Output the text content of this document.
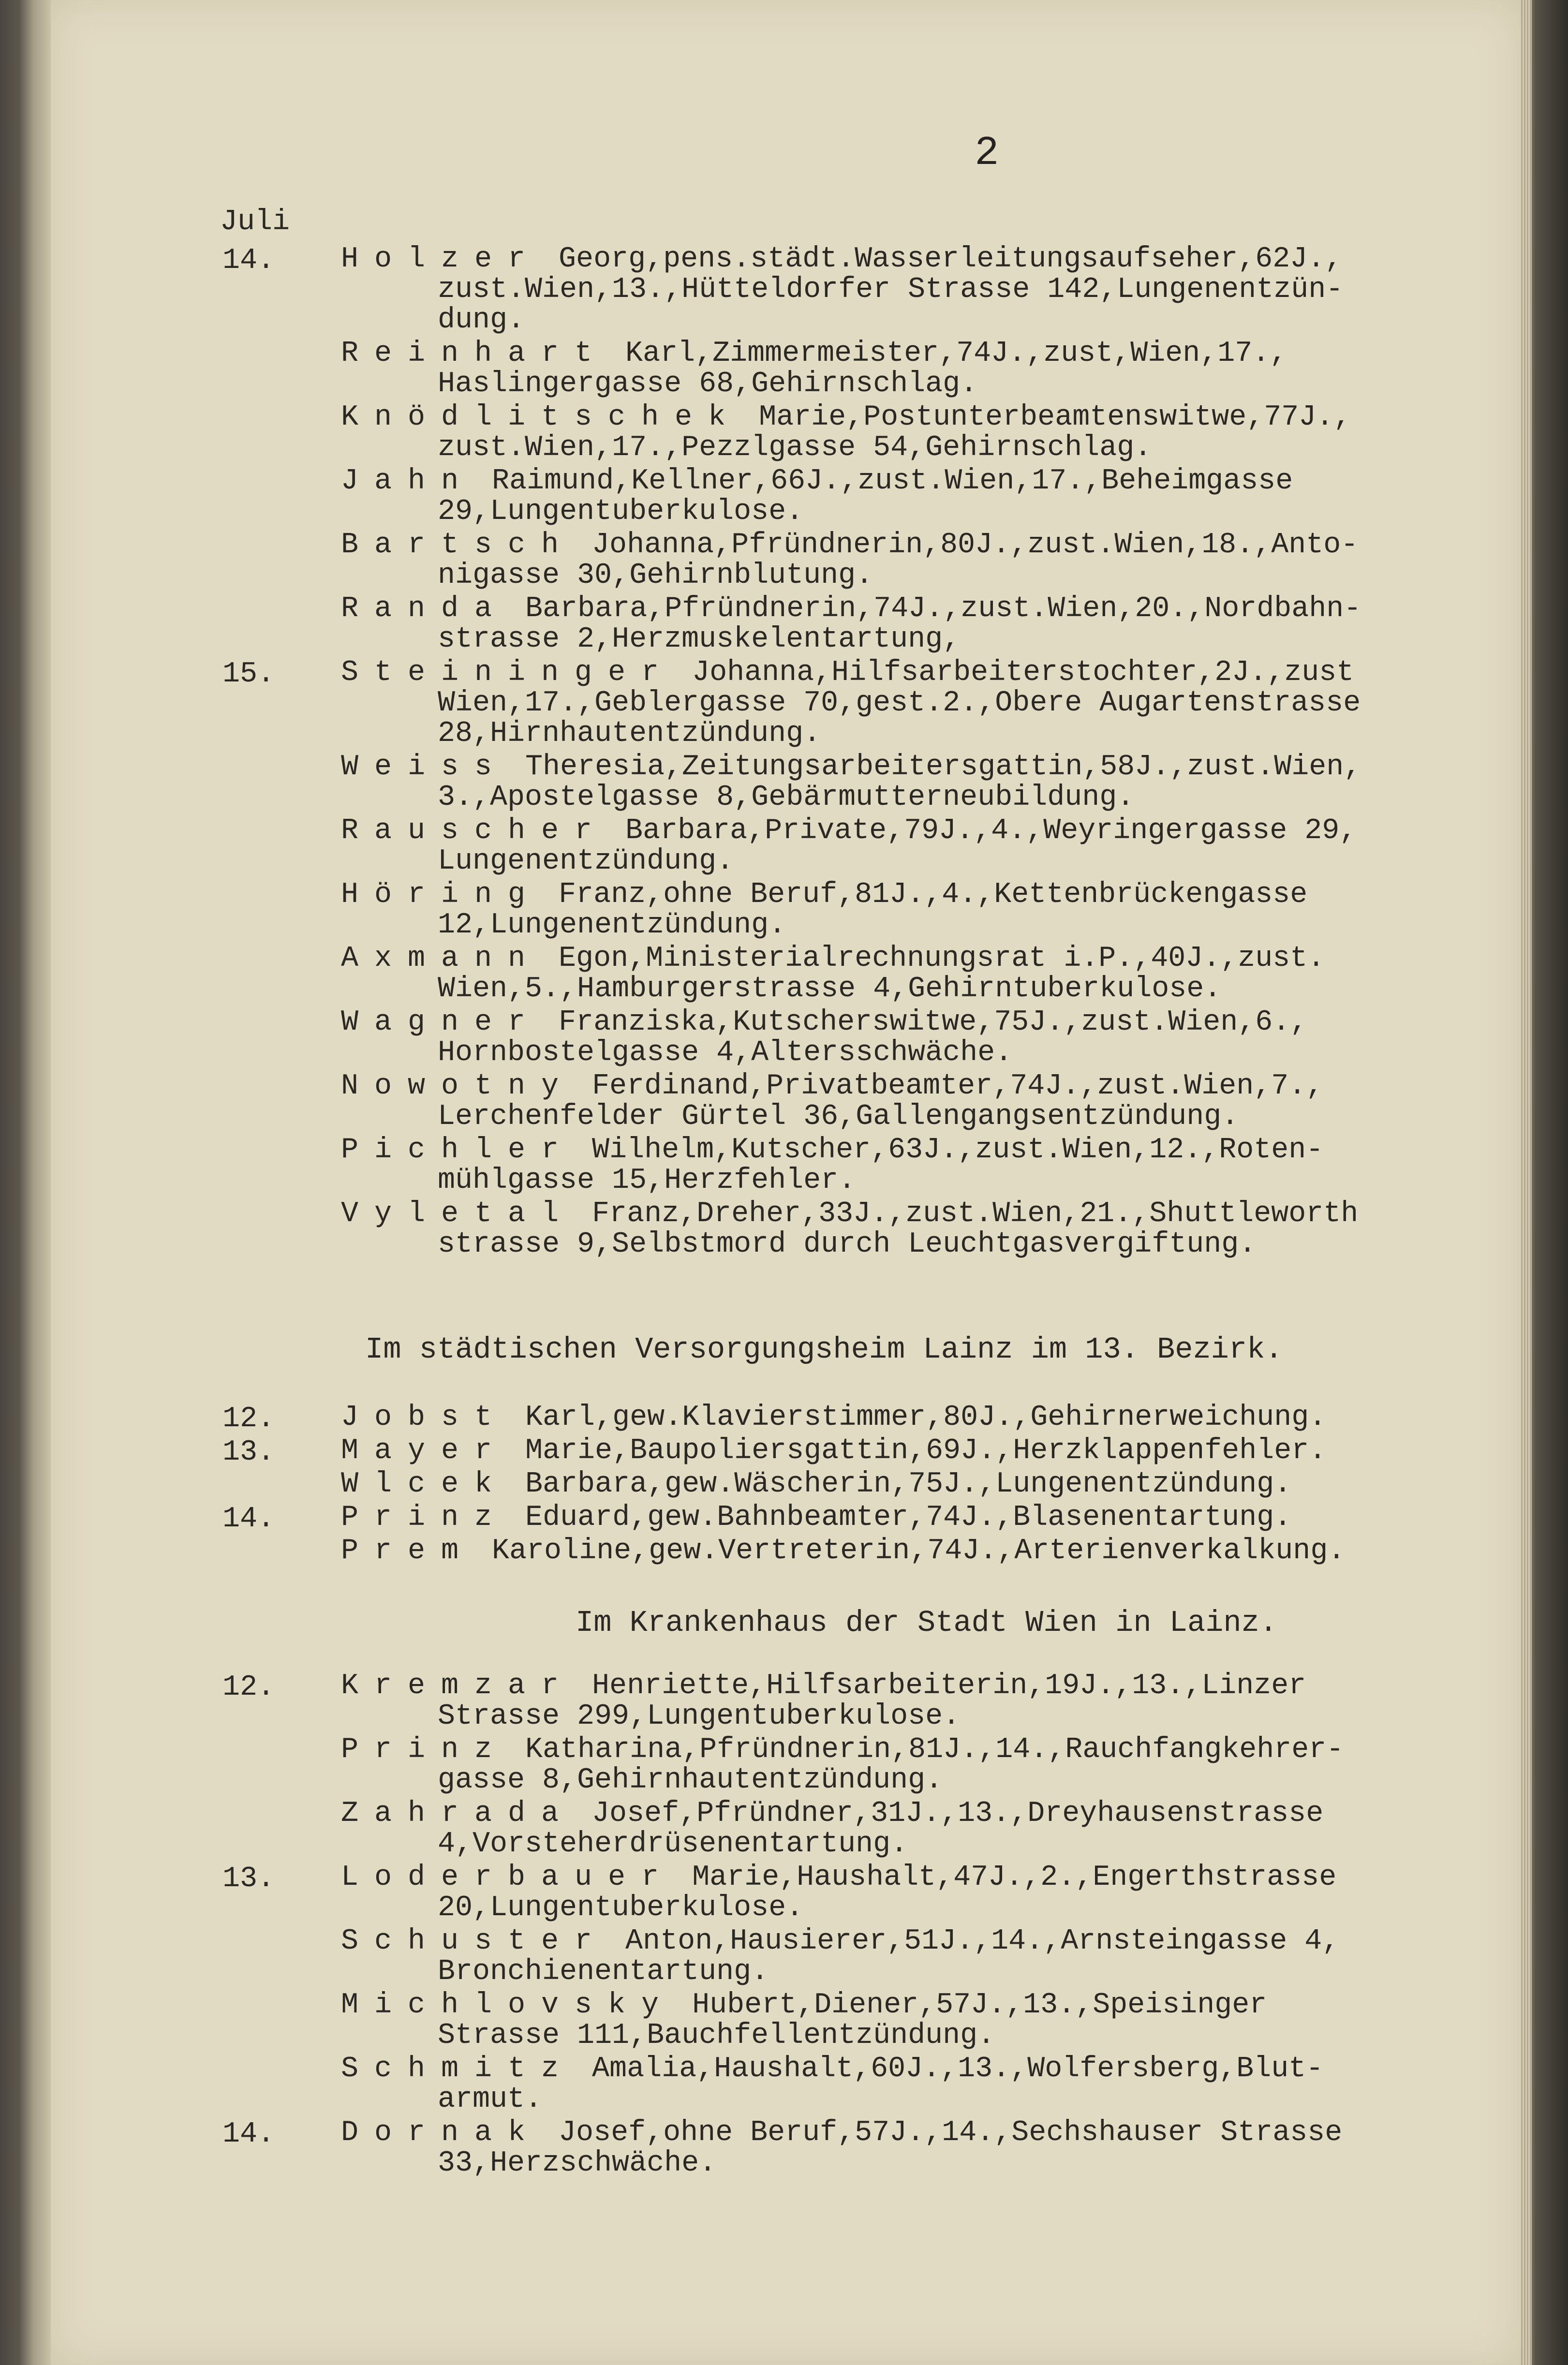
2
Juli
Im städtischen Versorgungsheim Lainz im 13. Bezirk.
Im Krankenhaus der Stadt Wien in Lainz.
14. Holzer Georg,pens.städt.Wasserleitungsaufseher,62J.,
zust.Wien,13.,Hütteldorfer Strasse 142,Lungenentzün-
dung.
Reinhart Karl,Zimmermeister,74J.,zust,Wien,17.,
Haslingergasse 68,Gehirnschlag.
Knödlitschek Marie,Postunterbeamtenswitwe,77J.,
zust.Wien,17.,Pezzlgasse 54,Gehirnschlag.
Jahn Raimund,Kellner,66J.,zust.Wien,17.,Beheimgasse
29,Lungentuberkulose.
Bartsch Johanna,Pfründnerin,80J.,zust.Wien,18.,Anto-
nigasse 30,Gehirnblutung.
Randa Barbara,Pfründnerin,74J.,zust.Wien,20.,Nordbahn-
strasse 2,Herzmuskelentartung,
15. Steininger Johanna,Hilfsarbeiterstochter,2J.,zust
Wien,17.,Geblergasse 70,gest.2.,Obere Augartenstrasse
28,Hirnhautentzündung.
Weiss Theresia,Zeitungsarbeitersgattin,58J.,zust.Wien,
3.,Apostelgasse 8,Gebärmutterneubildung.
Rauscher Barbara,Private,79J.,4.,Weyringergasse 29,
Lungenentzündung.
Höring Franz,ohne Beruf,81J.,4.,Kettenbrückengasse
12,Lungenentzündung.
Axmann Egon,Ministerialrechnungsrat i.P.,40J.,zust.
Wien,5.,Hamburgerstrasse 4,Gehirntuberkulose.
Wagner Franziska,Kutscherswitwe,75J.,zust.Wien,6.,
Hornbostelgasse 4,Altersschwäche.
Nowotny Ferdinand,Privatbeamter,74J.,zust.Wien,7.,
Lerchenfelder Gürtel 36,Gallengangsentzündung.
Pichler Wilhelm,Kutscher,63J.,zust.Wien,12.,Roten-
mühlgasse 15,Herzfehler.
Vyletal Franz,Dreher,33J.,zust.Wien,21.,Shuttleworth
strasse 9,Selbstmord durch Leuchtgasvergiftung.
12. Jobst Karl,gew.Klavierstimmer,80J.,Gehirnerweichung.
13. Mayer Marie,Baupoliersgattin,69J.,Herzklappenfehler.
Wlcek Barbara,gew.Wäscherin,75J.,Lungenentzündung.
14. Prinz Eduard,gew.Bahnbeamter,74J.,Blasenentartung.
Prem Karoline,gew.Vertreterin,74J.,Arterienverkalkung.
12. Kremzar Henriette,Hilfsarbeiterin,19J.,13.,Linzer
Strasse 299,Lungentuberkulose.
Prinz Katharina,Pfründnerin,81J.,14.,Rauchfangkehrer-
gasse 8,Gehirnhautentzündung.
Zahrada Josef,Pfründner,31J.,13.,Dreyhausenstrasse
4,Vorsteherdrüsenentartung.
13. Loderbauer Marie,Haushalt,47J.,2.,Engerthstrasse
20,Lungentuberkulose.
Schuster Anton,Hausierer,51J.,14.,Arnsteingasse 4,
Bronchienentartung.
Michlovsky Hubert,Diener,57J.,13.,Speisinger
Strasse 111,Bauchfellentzündung.
Schmitz Amalia,Haushalt,60J.,13.,Wolfersberg,Blut-
armut.
14. Dornak Josef,ohne Beruf,57J.,14.,Sechshauser Strasse
33,Herzschwäche.
